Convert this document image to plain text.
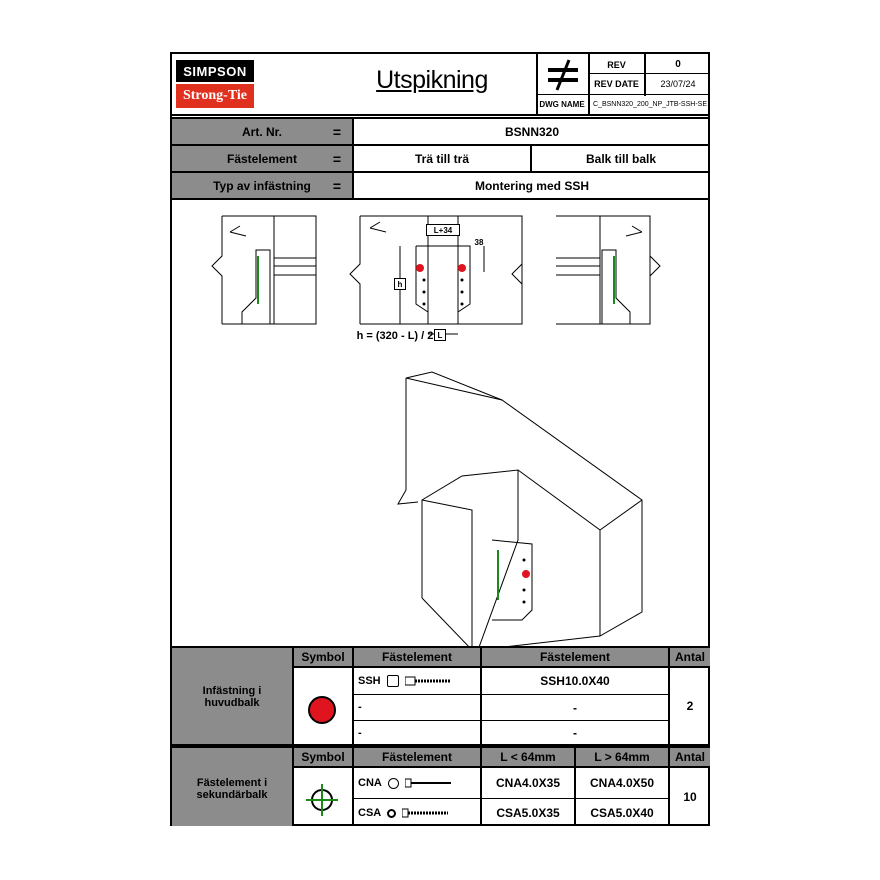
SIMPSON
Strong-Tie
Utspikning
REV	0
REV DATE	23/07/24
DWG NAME	C_BSNN320_200_NP_JTB-SSH-SE
Art. Nr.	=	BSNN320
Fästelement	=	Trä till trä	Balk till balk
Typ av infästning	=	Montering med SSH
L+34
38
h
L
h = (320 - L) / 2
Infästning i huvudbalk
Symbol	Fästelement	Fästelement	Antal
SSH	SSH10.0X40
-	-
-	-
2
Fästelement i sekundärbalk
Symbol	Fästelement	L < 64mm	L > 64mm	Antal
CNA	CNA4.0X35	CNA4.0X50
CSA	CSA5.0X35	CSA5.0X40
10
